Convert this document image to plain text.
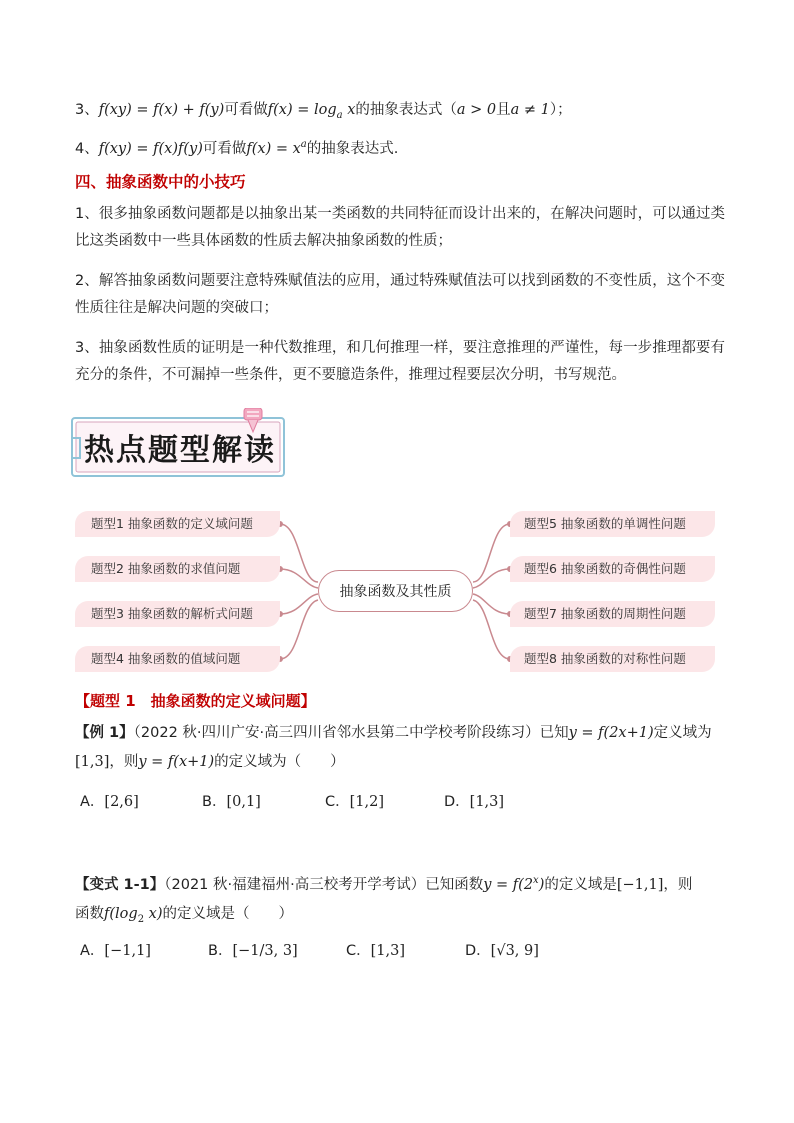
3、f(xy) = f(x) + f(y)可看做$f(x) = \log_a x$的抽象表达式（a > 0且a ≠ 1）；
4、f(xy) = f(x)f(y)可看做$f(x) = x^a$的抽象表达式.
四、抽象函数中的小技巧
1、很多抽象函数问题都是以抽象出某一类函数的共同特征而设计出来的，在解决问题时，可以通过类比这类函数中一些具体函数的性质去解决抽象函数的性质；
2、解答抽象函数问题要注意特殊赋值法的应用，通过特殊赋值法可以找到函数的不变性质，这个不变性质往往是解决问题的突破口；
3、抽象函数性质的证明是一种代数推理，和几何推理一样，要注意推理的严谨性，每一步推理都要有充分的条件，不可漏掉一些条件，更不要臆造条件，推理过程要层次分明，书写规范。
热点题型解读
题型1 抽象函数的定义域问题
题型2 抽象函数的求值问题
题型3 抽象函数的解析式问题
题型4 抽象函数的值域问题
题型5 抽象函数的单调性问题
题型6 抽象函数的奇偶性问题
题型7 抽象函数的周期性问题
题型8 抽象函数的对称性问题
抽象函数及其性质
【题型 1　抽象函数的定义域问题】
【例 1】（2022 秋·四川广安·高三四川省邻水县第二中学校考阶段练习）已知y = f(2x+1)定义域为[1,3]，则y = f(x+1)的定义域为（　　）
A．[2,6]	B．[0,1]	C．[1,2]	D．[1,3]
【变式 1-1】（2021 秋·福建福州·高三校考开学考试）已知函数$y = f(2^x)$的定义域是[−1,1]，则
函数$f(\log_2$ x)的定义域是（　　）
A．[−1,1]	B．[−1/3, 3]	C．[1,3]	D．[√3, 9]
